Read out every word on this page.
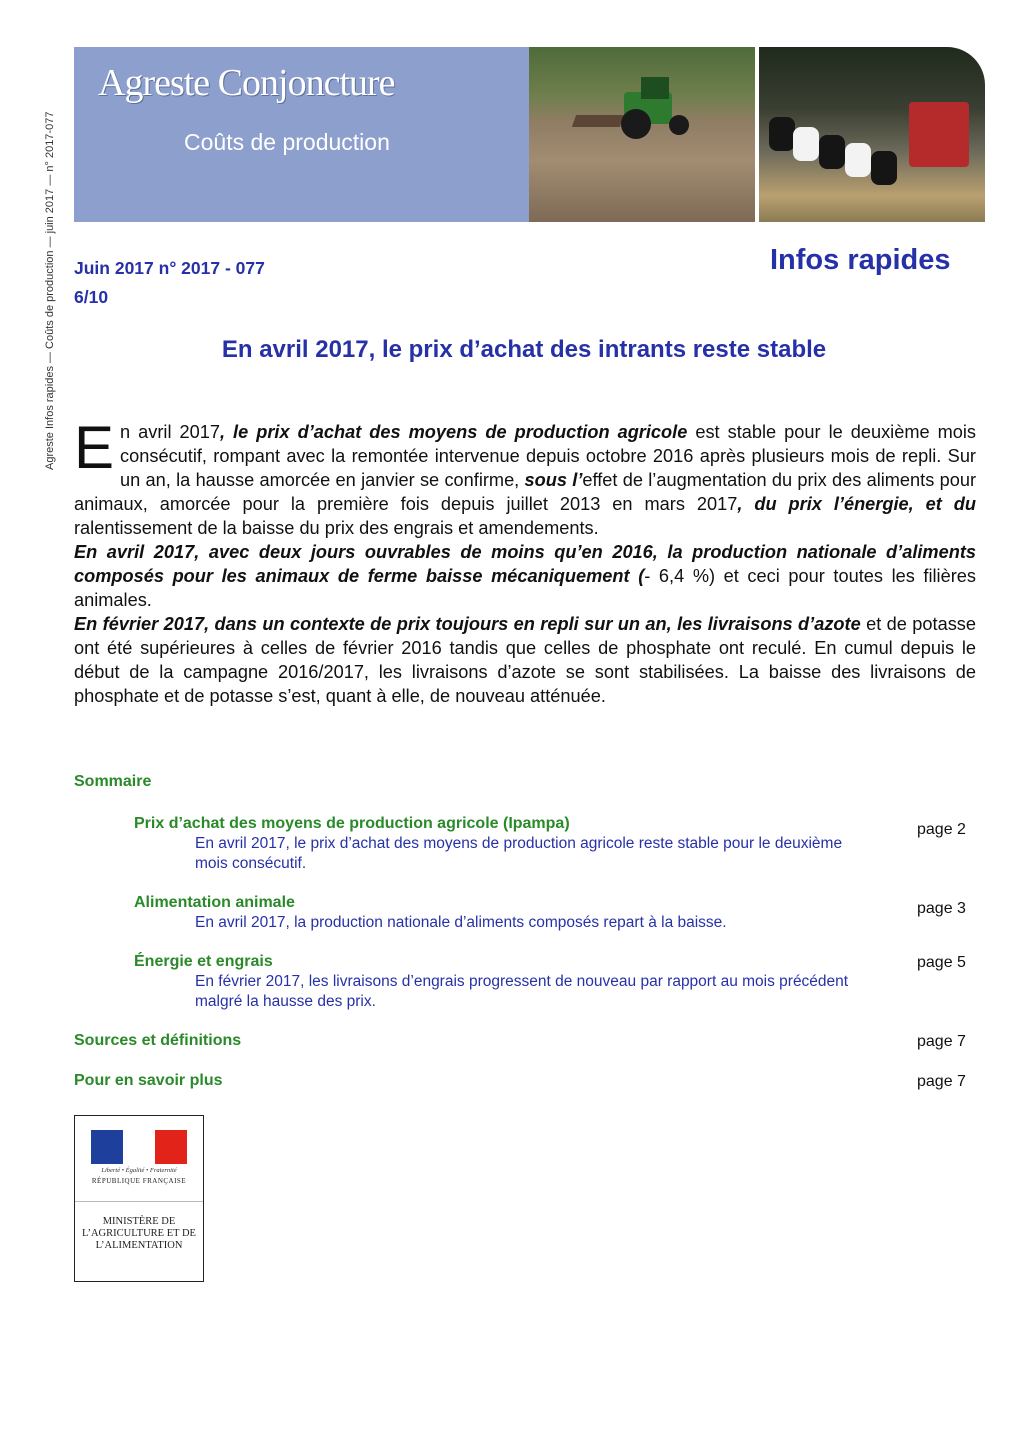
Agreste Infos rapides — Coûts de production — juin 2017 — n° 2017-077
Agreste Conjoncture
Coûts de production
Juin 2017 n° 2017 - 077
6/10
Infos rapides
En avril 2017, le prix d’achat des intrants reste stable

En avril 2017, le prix d’achat des moyens de production agricole est stable pour le deuxième mois consécutif, rompant avec la remontée intervenue depuis octobre 2016 après plusieurs mois de repli. Sur un an, la hausse amorcée en janvier se confirme, sous l’effet de l’augmentation du prix des aliments pour animaux, amorcée pour la première fois depuis juillet 2013 en mars 2017, du prix l’énergie, et du ralentissement de la baisse du prix des engrais et amendements.

En avril 2017, avec deux jours ouvrables de moins qu’en 2016, la production nationale d’aliments composés pour les animaux de ferme baisse mécaniquement (- 6,4 %) et ceci pour toutes les filières animales.

En février 2017, dans un contexte de prix toujours en repli sur un an, les livraisons d’azote et de potasse ont été supérieures à celles de février 2016 tandis que celles de phosphate ont reculé. En cumul depuis le début de la campagne 2016/2017, les livraisons d’azote se sont stabilisées. La baisse des livraisons de phosphate et de potasse s’est, quant à elle, de nouveau atténuée.

Sommaire
Prix d’achat des moyens de production agricole (Ipampa)
En avril 2017, le prix d’achat des moyens de production agricole reste stable pour le deuxième mois consécutif.
page 2
Alimentation animale
En avril 2017, la production nationale d’aliments composés repart à la baisse.
page 3
Énergie et engrais
En février 2017, les livraisons d’engrais progressent de nouveau par rapport au mois précédent malgré la hausse des prix.
page 5
Sources et définitions	page 7
Pour en savoir plus	page 7
Liberté • Égalité • Fraternité
RÉPUBLIQUE FRANÇAISE
MINISTÈRE DE L’AGRICULTURE ET DE L’ALIMENTATION
